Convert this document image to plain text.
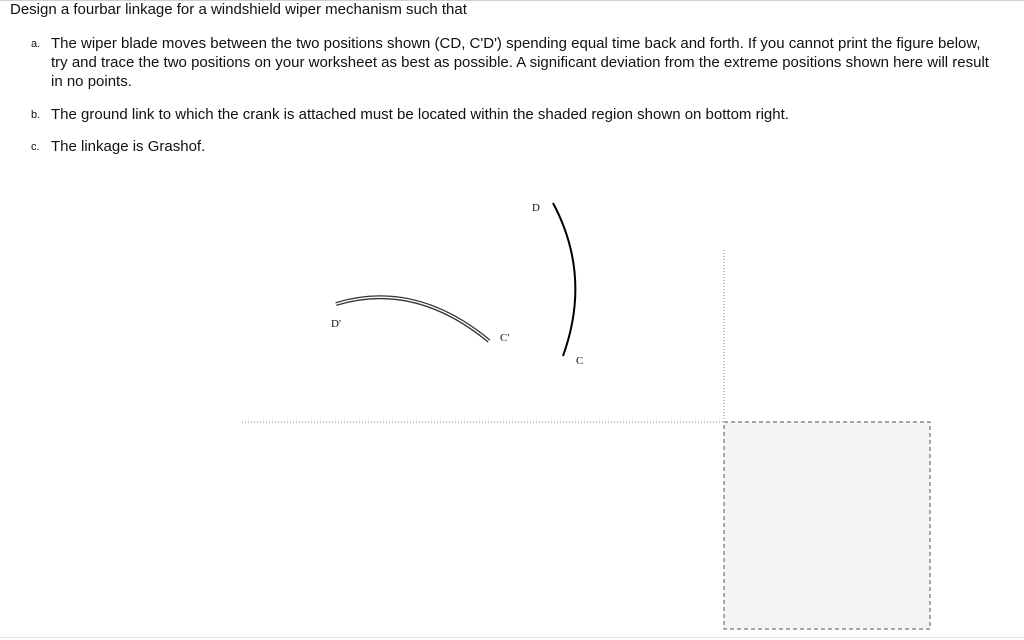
Design a fourbar linkage for a windshield wiper mechanism such that
a. The wiper blade moves between the two positions shown (CD, C'D') spending equal time back and forth. If you cannot print the figure below, try and trace the two positions on your worksheet as best as possible. A significant deviation from the extreme positions shown here will result in no points.
b. The ground link to which the crank is attached must be located within the shaded region shown on bottom right.
c. The linkage is Grashof.
D
C
D'
C'
